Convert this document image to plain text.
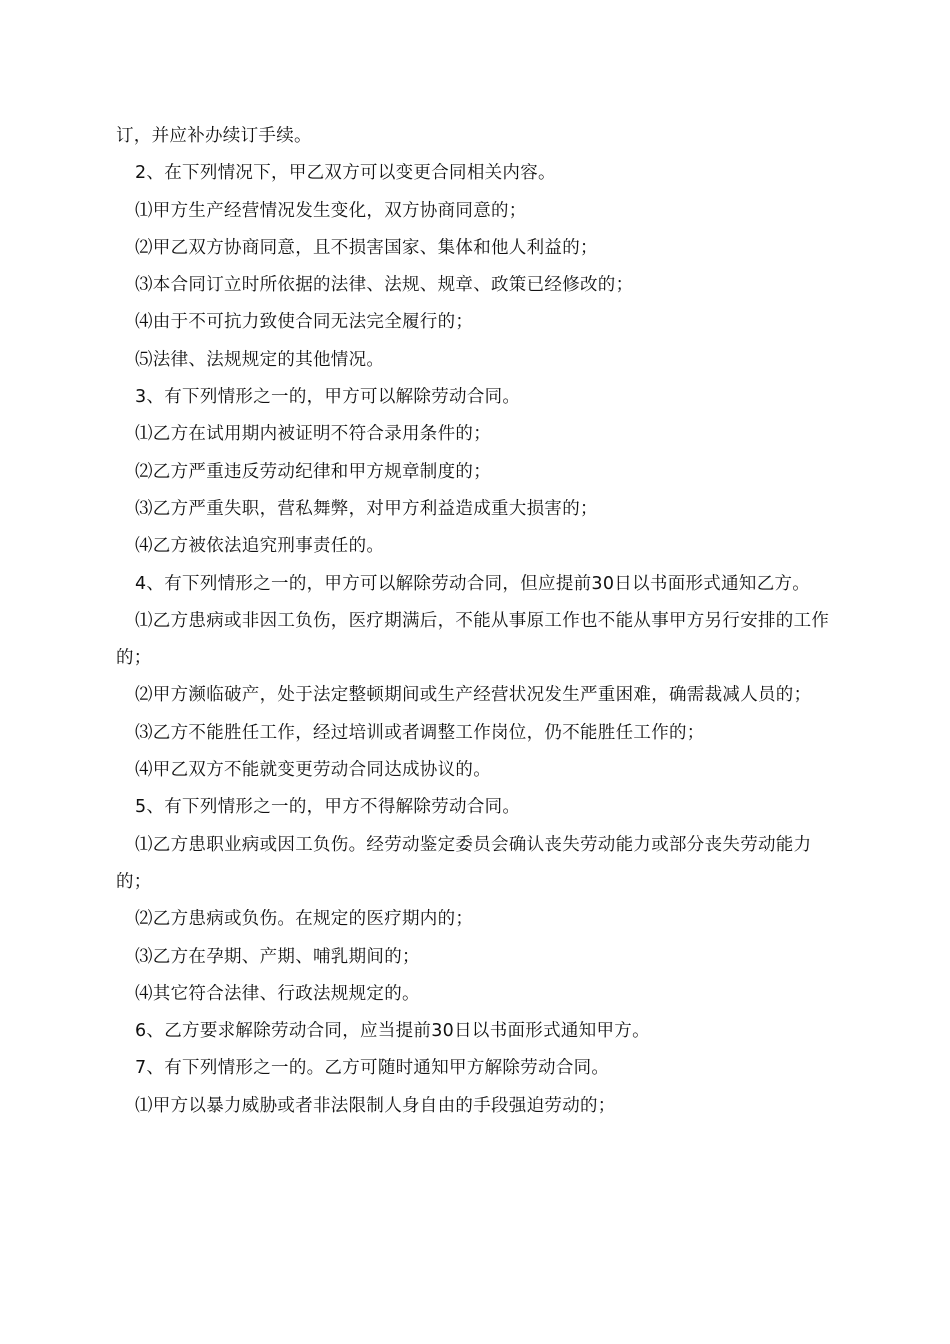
订，并应补办续订手续。

2、在下列情况下，甲乙双方可以变更合同相关内容。

⑴甲方生产经营情况发生变化，双方协商同意的；

⑵甲乙双方协商同意，且不损害国家、集体和他人利益的；

⑶本合同订立时所依据的法律、法规、规章、政策已经修改的；

⑷由于不可抗力致使合同无法完全履行的；

⑸法律、法规规定的其他情况。

3、有下列情形之一的，甲方可以解除劳动合同。

⑴乙方在试用期内被证明不符合录用条件的；

⑵乙方严重违反劳动纪律和甲方规章制度的；

⑶乙方严重失职，营私舞弊，对甲方利益造成重大损害的；

⑷乙方被依法追究刑事责任的。

4、有下列情形之一的，甲方可以解除劳动合同，但应提前30日以书面形式通知乙方。

⑴乙方患病或非因工负伤，医疗期满后，不能从事原工作也不能从事甲方另行安排的工作的；

⑵甲方濒临破产，处于法定整顿期间或生产经营状况发生严重困难，确需裁减人员的；

⑶乙方不能胜任工作，经过培训或者调整工作岗位，仍不能胜任工作的；

⑷甲乙双方不能就变更劳动合同达成协议的。

5、有下列情形之一的，甲方不得解除劳动合同。

⑴乙方患职业病或因工负伤。经劳动鉴定委员会确认丧失劳动能力或部分丧失劳动能力的；

⑵乙方患病或负伤。在规定的医疗期内的；

⑶乙方在孕期、产期、哺乳期间的；

⑷其它符合法律、行政法规规定的。

6、乙方要求解除劳动合同，应当提前30日以书面形式通知甲方。

7、有下列情形之一的。乙方可随时通知甲方解除劳动合同。

⑴甲方以暴力威胁或者非法限制人身自由的手段强迫劳动的；
